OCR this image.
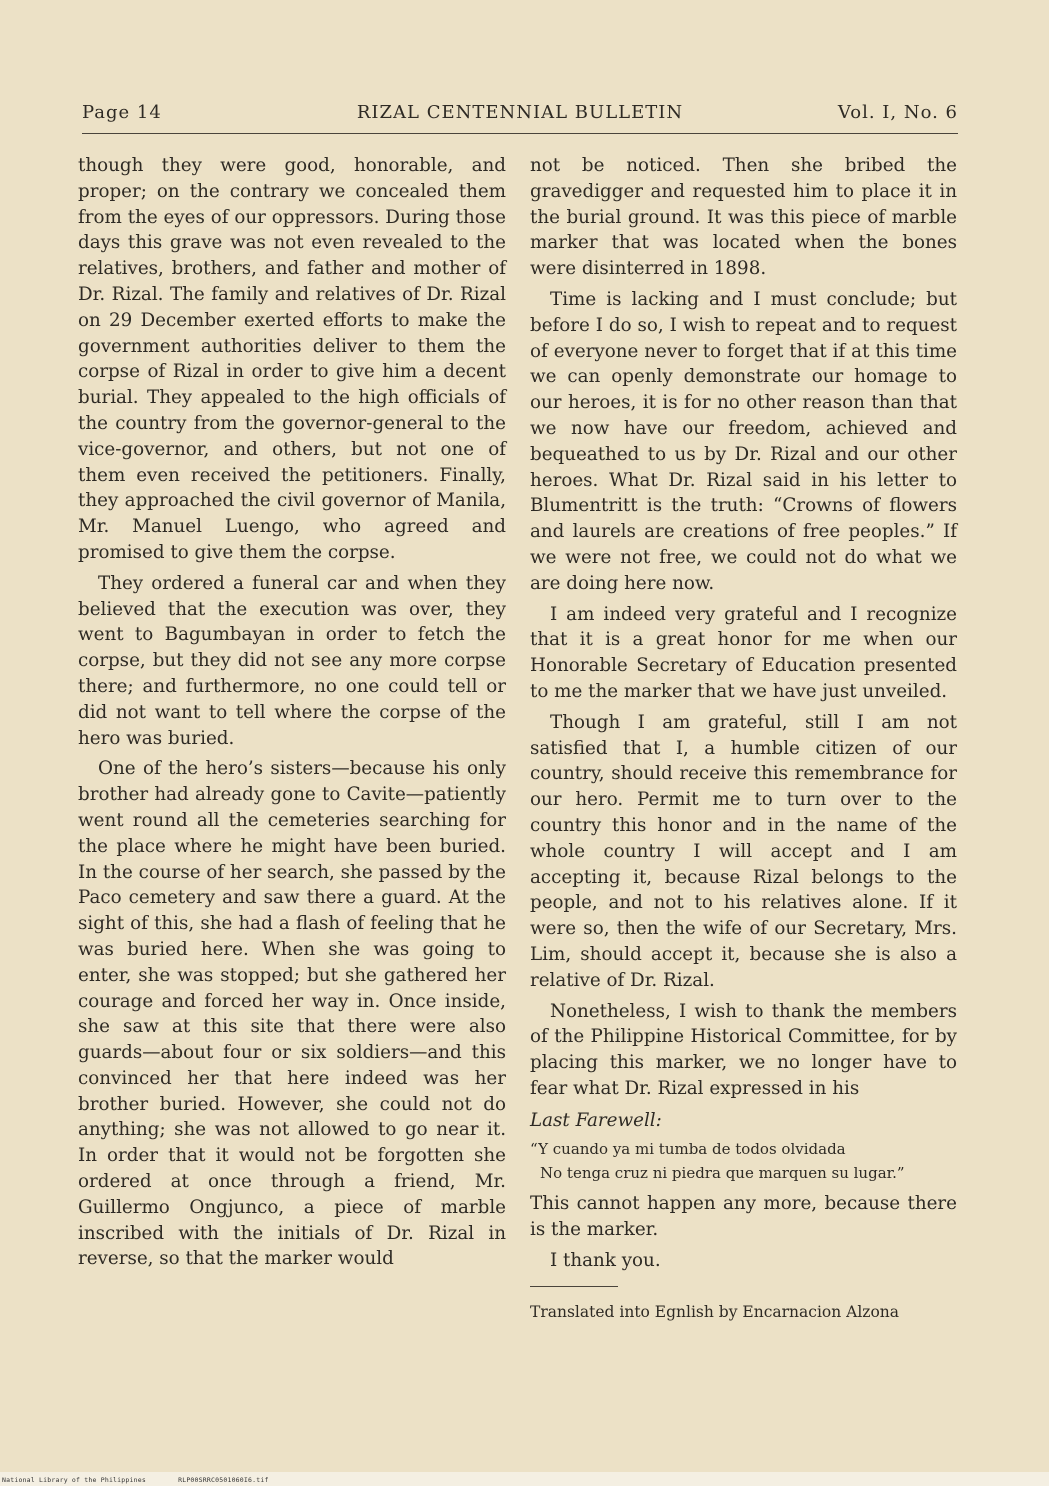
Page 14	RIZAL CENTENNIAL BULLETIN	Vol. I, No. 6

though they were good, honorable, and proper; on the contrary we concealed them from the eyes of our oppressors. During those days this grave was not even revealed to the relatives, brothers, and father and mother of Dr. Rizal. The family and relatives of Dr. Rizal on 29 December exerted efforts to make the government authorities deliver to them the corpse of Rizal in order to give him a decent burial. They appealed to the high officials of the country from the governor-general to the vice-governor, and others, but not one of them even received the petitioners. Finally, they approached the civil governor of Manila, Mr. Manuel Luengo, who agreed and promised to give them the corpse.

They ordered a funeral car and when they believed that the execution was over, they went to Bagumbayan in order to fetch the corpse, but they did not see any more corpse there; and furthermore, no one could tell or did not want to tell where the corpse of the hero was buried.

One of the hero’s sisters—because his only brother had already gone to Cavite—patiently went round all the cemeteries searching for the place where he might have been buried. In the course of her search, she passed by the Paco cemetery and saw there a guard. At the sight of this, she had a flash of feeling that he was buried here. When she was going to enter, she was stopped; but she gathered her courage and forced her way in. Once inside, she saw at this site that there were also guards—about four or six soldiers—and this convinced her that here indeed was her brother buried. However, she could not do anything; she was not allowed to go near it. In order that it would not be forgotten she ordered at once through a friend, Mr. Guillermo Ongjunco, a piece of marble inscribed with the initials of Dr. Rizal in reverse, so that the marker would

not be noticed. Then she bribed the gravedigger and requested him to place it in the burial ground. It was this piece of marble marker that was located when the bones were disinterred in 1898.

Time is lacking and I must conclude; but before I do so, I wish to repeat and to request of everyone never to forget that if at this time we can openly demonstrate our homage to our heroes, it is for no other reason than that we now have our freedom, achieved and bequeathed to us by Dr. Rizal and our other heroes. What Dr. Rizal said in his letter to Blumentritt is the truth: “Crowns of flowers and laurels are creations of free peoples.” If we were not free, we could not do what we are doing here now.

I am indeed very grateful and I recognize that it is a great honor for me when our Honorable Secretary of Education presented to me the marker that we have just unveiled.

Though I am grateful, still I am not satisfied that I, a humble citizen of our country, should receive this remembrance for our hero. Permit me to turn over to the country this honor and in the name of the whole country I will accept and I am accepting it, because Rizal belongs to the people, and not to his relatives alone. If it were so, then the wife of our Secretary, Mrs. Lim, should accept it, because she is also a relative of Dr. Rizal.

Nonetheless, I wish to thank the members of the Philippine Historical Committee, for by placing this marker, we no longer have to fear what Dr. Rizal expressed in his

Last Farewell:
“Y cuando ya mi tumba de todos olvidada
No tenga cruz ni piedra que marquen su lugar.”

This cannot happen any more, because there is the marker.

I thank you.

Translated into Egnlish by Encarnacion Alzona
National Library of the Philippines	RLP00SRRC0501060I6.tif
